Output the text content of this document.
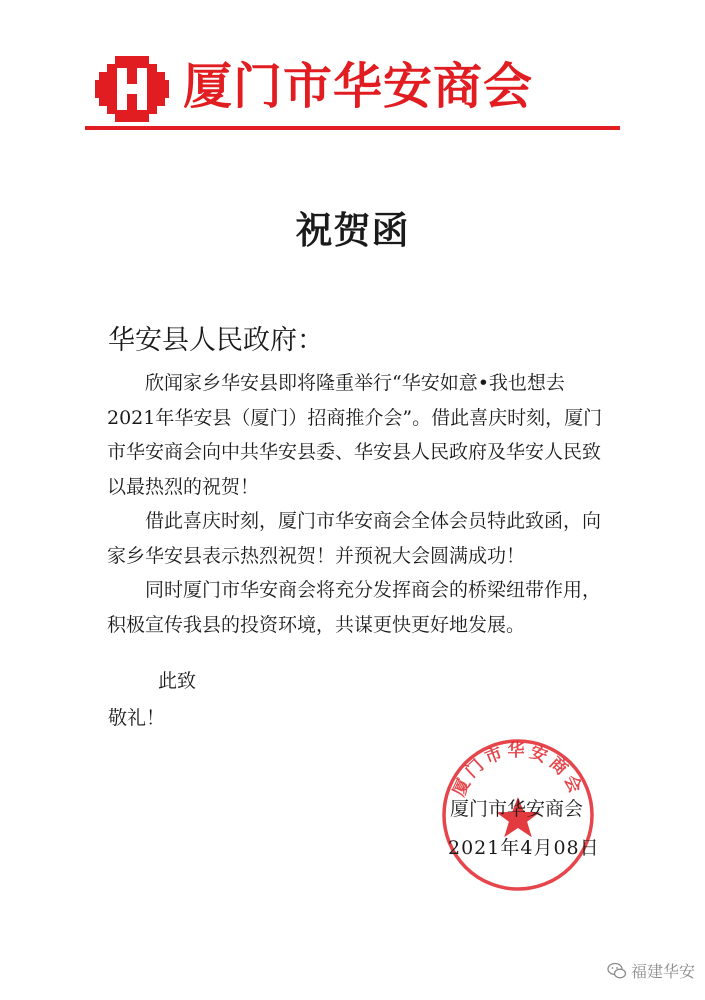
厦门市华安商会
祝贺函
华安县人民政府：

欣闻家乡华安县即将隆重举行“华安如意•我也想去2021年华安县（厦门）招商推介会”。借此喜庆时刻，厦门市华安商会向中共华安县委、华安县人民政府及华安人民致以最热烈的祝贺！

借此喜庆时刻，厦门市华安商会全体会员特此致函，向家乡华安县表示热烈祝贺！并预祝大会圆满成功！

同时厦门市华安商会将充分发挥商会的桥梁纽带作用，积极宣传我县的投资环境，共谋更快更好地发展。

此致
敬礼！
厦门市华安商会
厦门市华安商会
2021年4月08日
福建华安
